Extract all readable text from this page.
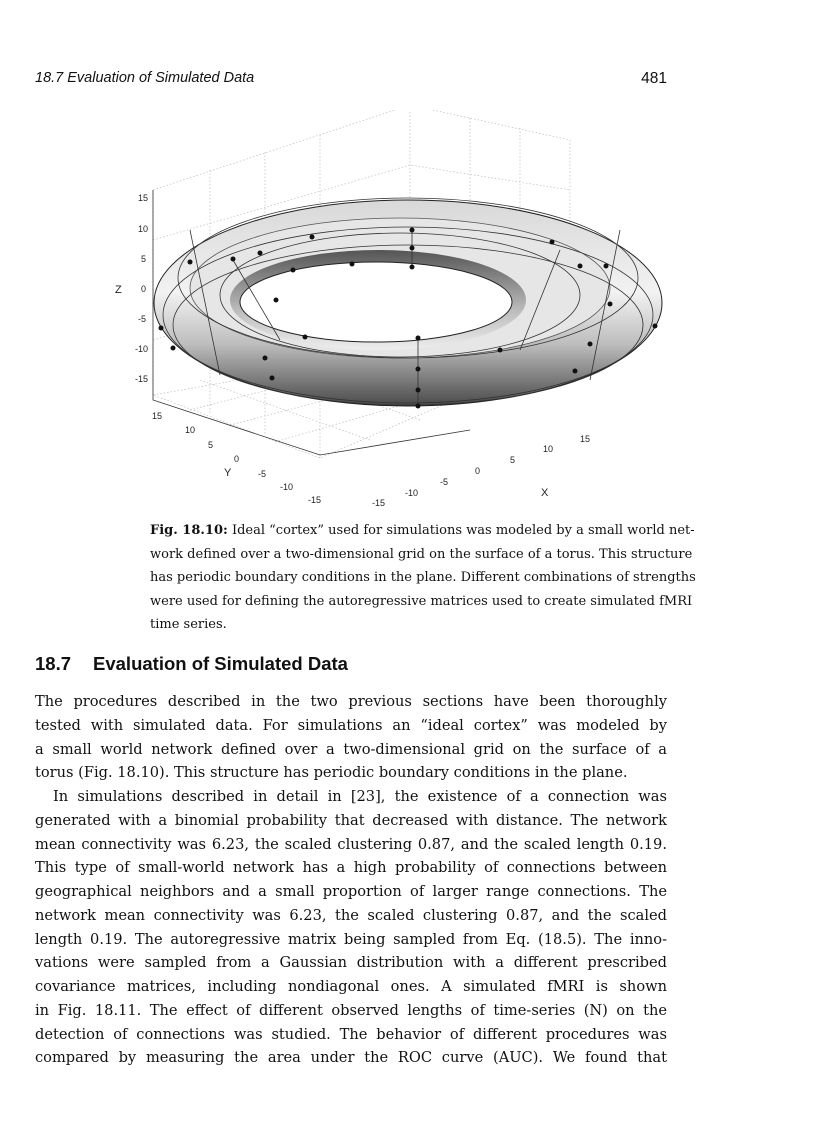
18.7 Evaluation of Simulated Data	481
15
10
5
0
-5
-10
-15
Z
15
10
5
0
-5
-10
-15
Y
-15
-10
-5
0
5
10
15
X
Fig. 18.10: Ideal “cortex” used for simulations was modeled by a small world net-
work defined over a two-dimensional grid on the surface of a torus. This structure
has periodic boundary conditions in the plane. Different combinations of strengths
were used for defining the autoregressive matrices used to create simulated fMRI
time series.
18.7 Evaluation of Simulated Data
The procedures described in the two previous sections have been thoroughly
tested with simulated data. For simulations an “ideal cortex” was modeled by
a small world network defined over a two-dimensional grid on the surface of a
torus (Fig. 18.10). This structure has periodic boundary conditions in the plane.
In simulations described in detail in [23], the existence of a connection was
generated with a binomial probability that decreased with distance. The network
mean connectivity was 6.23, the scaled clustering 0.87, and the scaled length 0.19.
This type of small-world network has a high probability of connections between
geographical neighbors and a small proportion of larger range connections. The
network mean connectivity was 6.23, the scaled clustering 0.87, and the scaled
length 0.19. The autoregressive matrix being sampled from Eq. (18.5). The inno-
vations were sampled from a Gaussian distribution with a different prescribed
covariance matrices, including nondiagonal ones. A simulated fMRI is shown
in Fig. 18.11. The effect of different observed lengths of time-series (N) on the
detection of connections was studied. The behavior of different procedures was
compared by measuring the area under the ROC curve (AUC). We found that
